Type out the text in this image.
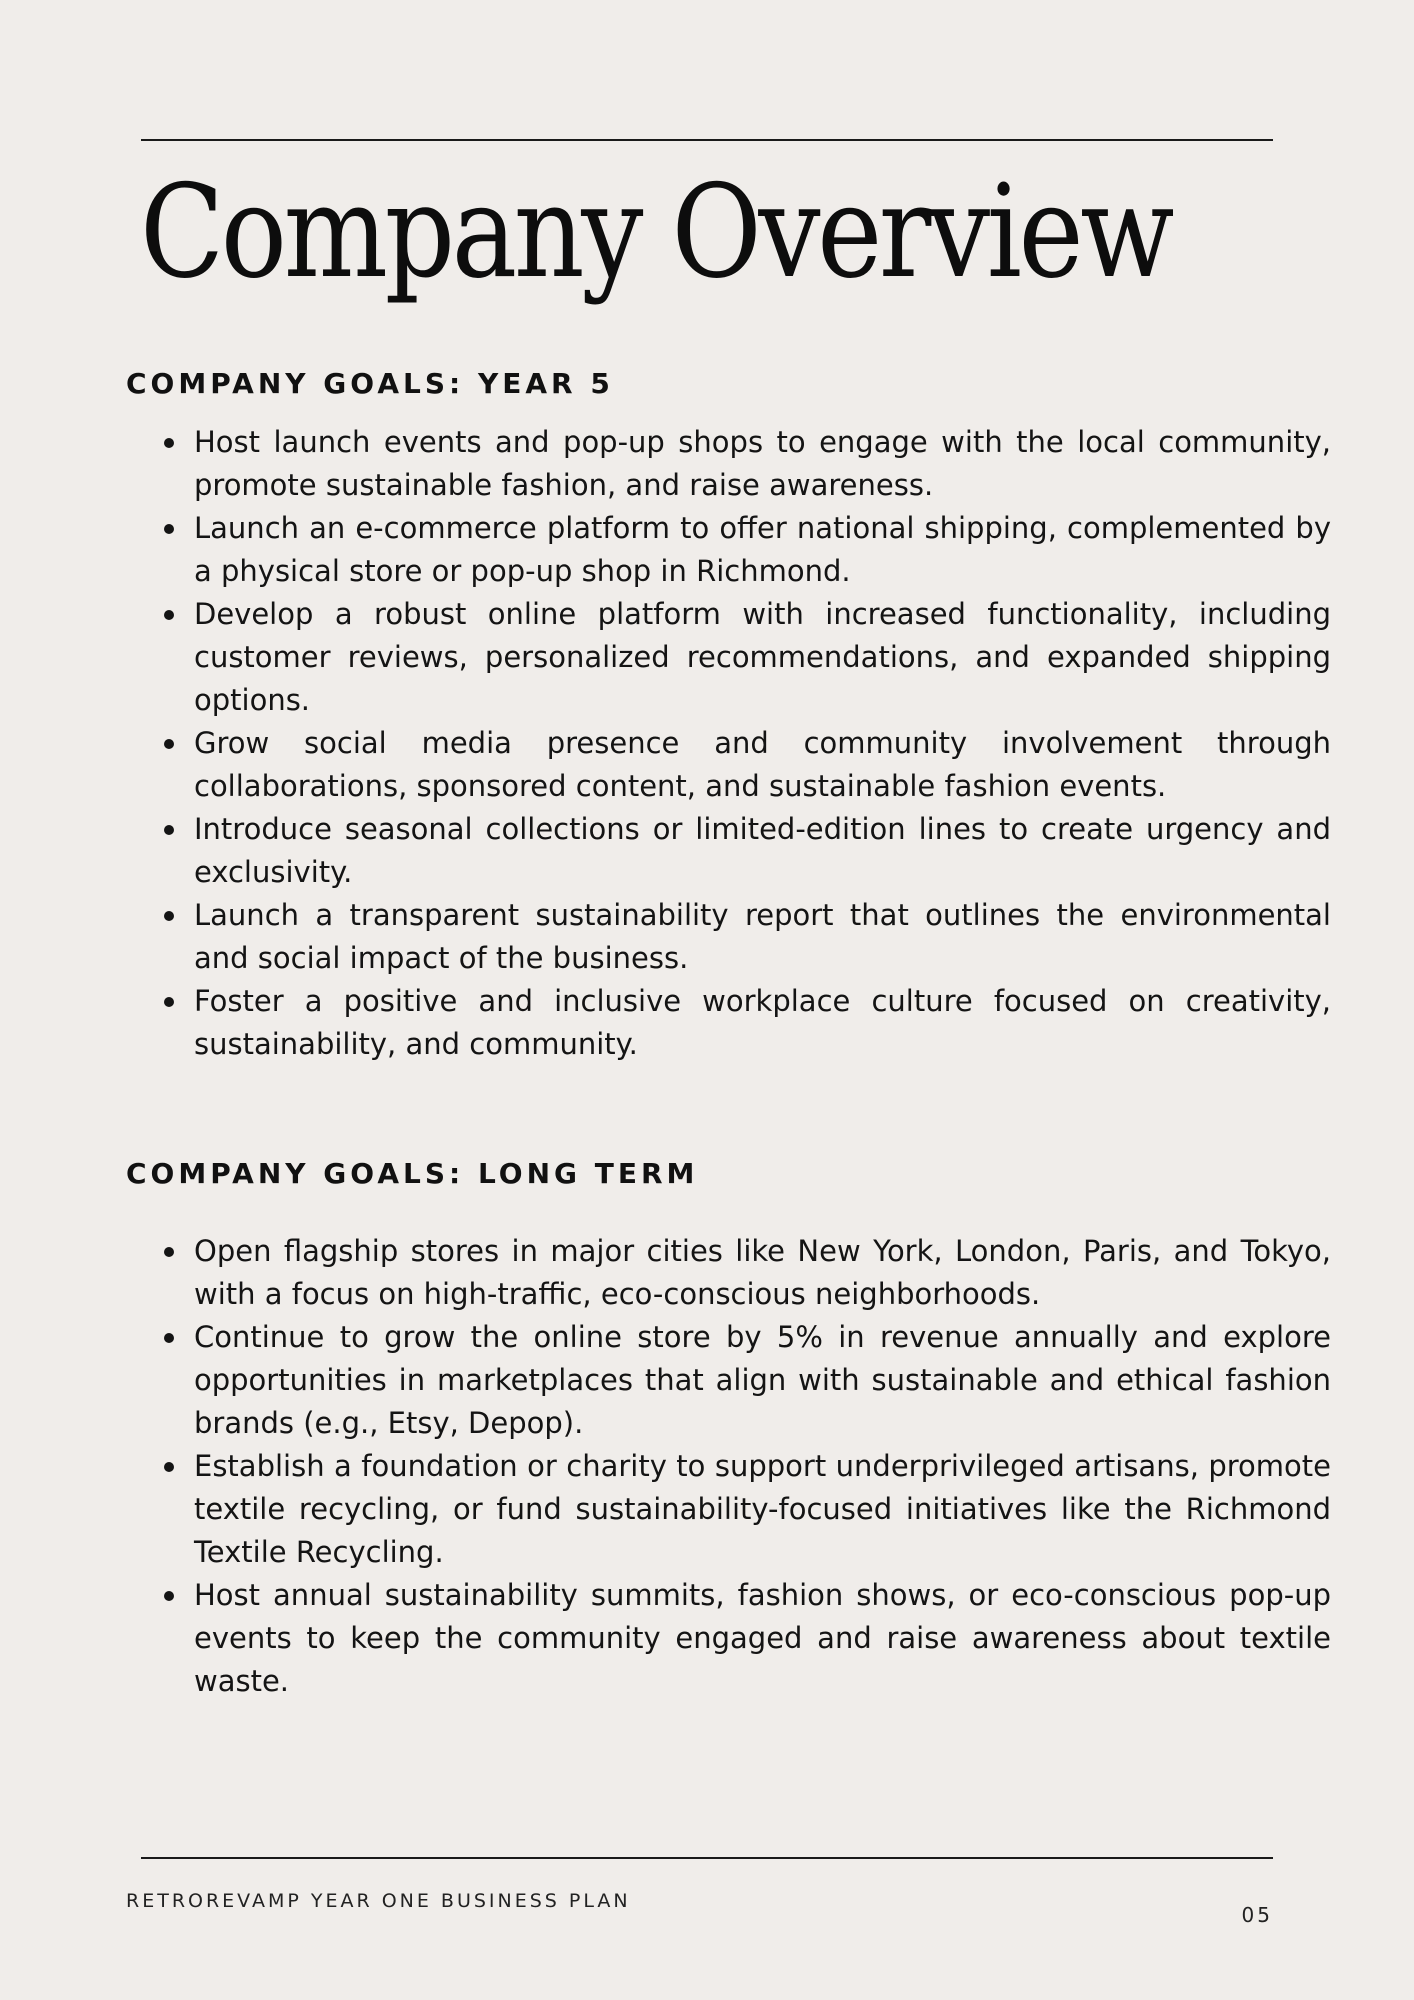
Company Overview
COMPANY GOALS: YEAR 5
Host launch events and pop-up shops to engage with the local community, promote sustainable fashion, and raise awareness.
Launch an e-commerce platform to offer national shipping, complemented by a physical store or pop-up shop in Richmond.
Develop a robust online platform with increased functionality, including customer reviews, personalized recommendations, and expanded shipping options.
Grow social media presence and community involvement through collaborations, sponsored content, and sustainable fashion events.
Introduce seasonal collections or limited-edition lines to create urgency and exclusivity.
Launch a transparent sustainability report that outlines the environmental and social impact of the business.
Foster a positive and inclusive workplace culture focused on creativity, sustainability, and community.
COMPANY GOALS: LONG TERM
Open flagship stores in major cities like New York, London, Paris, and Tokyo, with a focus on high-traffic, eco-conscious neighborhoods.
Continue to grow the online store by 5% in revenue annually and explore opportunities in marketplaces that align with sustainable and ethical fashion brands (e.g., Etsy, Depop).
Establish a foundation or charity to support underprivileged artisans, promote textile recycling, or fund sustainability-focused initiatives like the Richmond Textile Recycling.
Host annual sustainability summits, fashion shows, or eco-conscious pop-up events to keep the community engaged and raise awareness about textile waste.
RETROREVAMP YEAR ONE BUSINESS PLAN
05
